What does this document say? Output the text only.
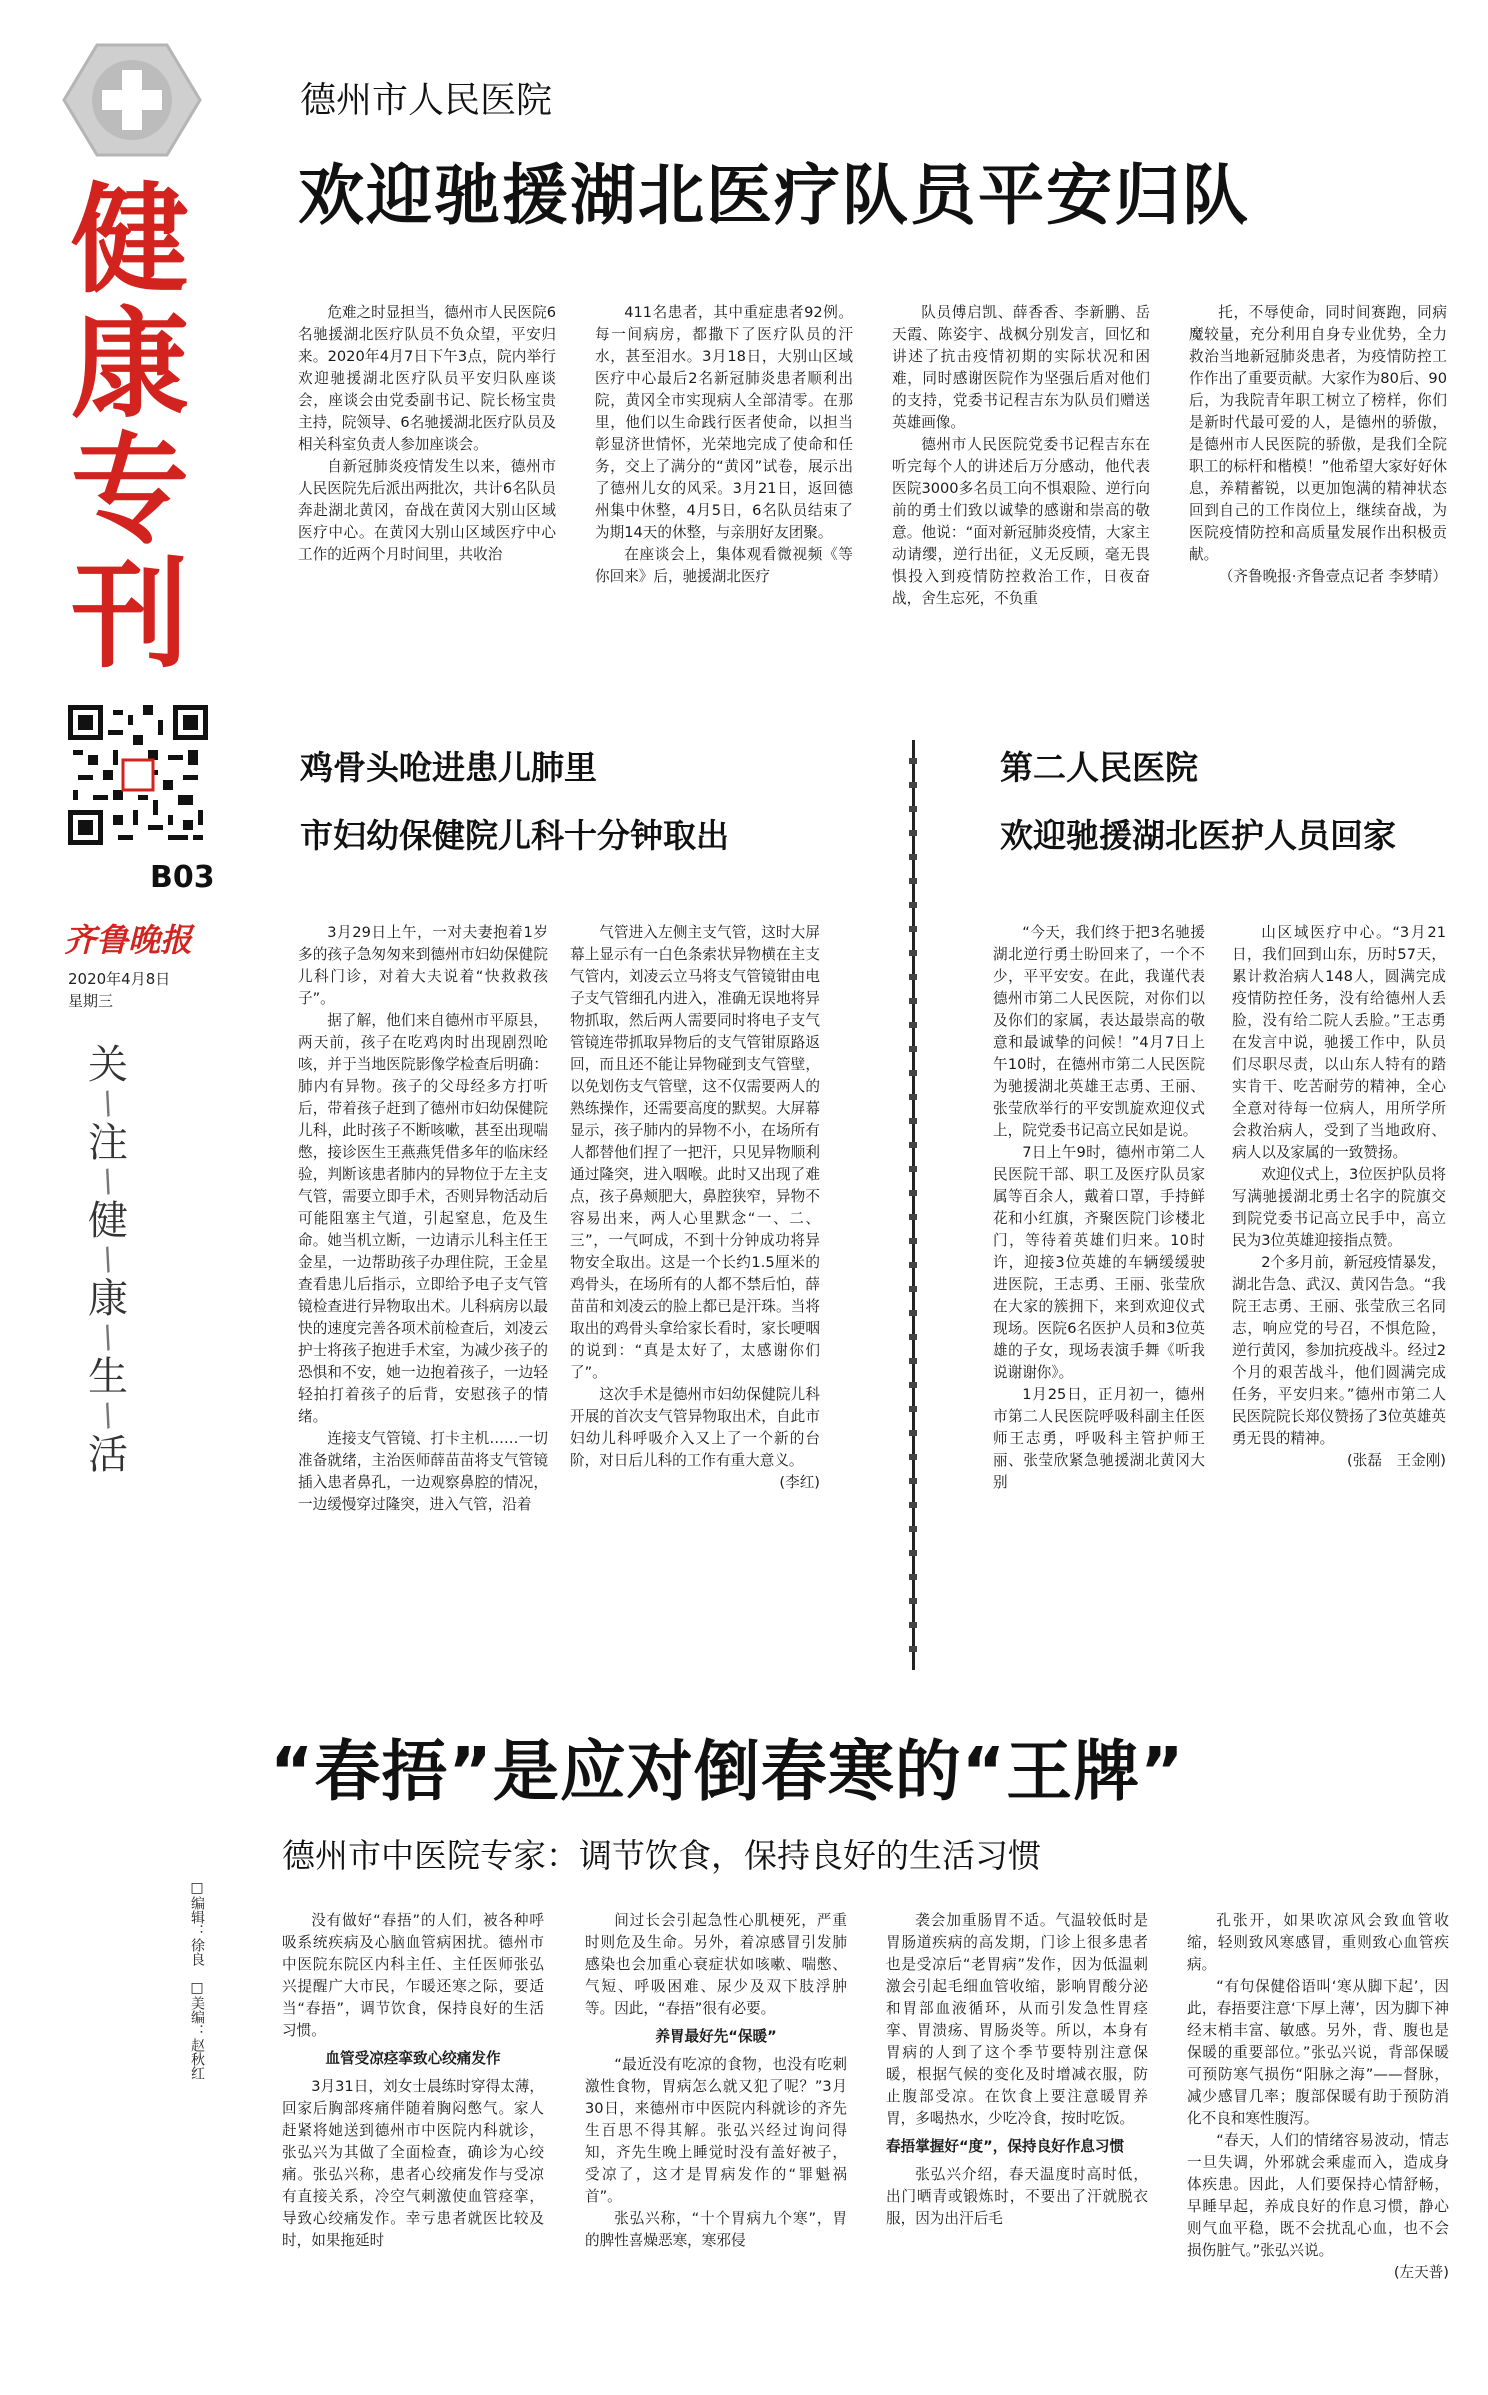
健
康
专
刊
B03
齐鲁晚报
2020年4月8日
星期三
关
/
注
/
健
/
康
/
生
/
活
□编辑：徐良　□美编：赵秋红
德州市人民医院
欢迎驰援湖北医疗队员平安归队

危难之时显担当，德州市人民医院6名驰援湖北医疗队员不负众望，平安归来。2020年4月7日下午3点，院内举行欢迎驰援湖北医疗队员平安归队座谈会，座谈会由党委副书记、院长杨宝贵主持，院领导、6名驰援湖北医疗队员及相关科室负责人参加座谈会。

自新冠肺炎疫情发生以来，德州市人民医院先后派出两批次，共计6名队员奔赴湖北黄冈，奋战在黄冈大别山区域医疗中心。在黄冈大别山区域医疗中心工作的近两个月时间里，共收治

411名患者，其中重症患者92例。每一间病房，都撒下了医疗队员的汗水，甚至泪水。3月18日，大别山区域医疗中心最后2名新冠肺炎患者顺利出院，黄冈全市实现病人全部清零。在那里，他们以生命践行医者使命，以担当彰显济世情怀，光荣地完成了使命和任务，交上了满分的“黄冈”试卷，展示出了德州儿女的风采。3月21日，返回德州集中休整，4月5日，6名队员结束了为期14天的休整，与亲朋好友团聚。

在座谈会上，集体观看微视频《等你回来》后，驰援湖北医疗

队员傅启凯、薛香香、李新鹏、岳天霞、陈姿宇、战枫分别发言，回忆和讲述了抗击疫情初期的实际状况和困难，同时感谢医院作为坚强后盾对他们的支持，党委书记程吉东为队员们赠送英雄画像。

德州市人民医院党委书记程吉东在听完每个人的讲述后万分感动，他代表医院3000多名员工向不惧艰险、逆行向前的勇士们致以诚挚的感谢和崇高的敬意。他说：“面对新冠肺炎疫情，大家主动请缨，逆行出征，义无反顾，毫无畏惧投入到疫情防控救治工作，日夜奋战，舍生忘死，不负重

托，不辱使命，同时间赛跑，同病魔较量，充分利用自身专业优势，全力救治当地新冠肺炎患者，为疫情防控工作作出了重要贡献。大家作为80后、90后，为我院青年职工树立了榜样，你们是新时代最可爱的人，是德州的骄傲，是德州市人民医院的骄傲，是我们全院职工的标杆和楷模！”他希望大家好好休息，养精蓄锐，以更加饱满的精神状态回到自己的工作岗位上，继续奋战，为医院疫情防控和高质量发展作出积极贡献。

（齐鲁晚报·齐鲁壹点记者 李梦晴）

鸡骨头呛进患儿肺里
市妇幼保健院儿科十分钟取出

3月29日上午，一对夫妻抱着1岁多的孩子急匆匆来到德州市妇幼保健院儿科门诊，对着大夫说着“快救救孩子”。

据了解，他们来自德州市平原县，两天前，孩子在吃鸡肉时出现剧烈呛咳，并于当地医院影像学检查后明确：肺内有异物。孩子的父母经多方打听后，带着孩子赶到了德州市妇幼保健院儿科，此时孩子不断咳嗽，甚至出现喘憋，接诊医生王燕燕凭借多年的临床经验，判断该患者肺内的异物位于左主支气管，需要立即手术，否则异物活动后可能阻塞主气道，引起窒息，危及生命。她当机立断，一边请示儿科主任王金星，一边帮助孩子办理住院，王金星查看患儿后指示，立即给予电子支气管镜检查进行异物取出术。儿科病房以最快的速度完善各项术前检查后，刘凌云护士将孩子抱进手术室，为减少孩子的恐惧和不安，她一边抱着孩子，一边轻轻拍打着孩子的后背，安慰孩子的情绪。

连接支气管镜、打卡主机……一切准备就绪，主治医师薛苗苗将支气管镜插入患者鼻孔，一边观察鼻腔的情况，一边缓慢穿过隆突，进入气管，沿着

气管进入左侧主支气管，这时大屏幕上显示有一白色条索状异物横在主支气管内，刘凌云立马将支气管镜钳由电子支气管细孔内进入，准确无误地将异物抓取，然后两人需要同时将电子支气管镜连带抓取异物后的支气管钳原路返回，而且还不能让异物碰到支气管壁，以免划伤支气管壁，这不仅需要两人的熟练操作，还需要高度的默契。大屏幕显示，孩子肺内的异物不小，在场所有人都替他们捏了一把汗，只见异物顺利通过隆突，进入咽喉。此时又出现了难点，孩子鼻颊肥大，鼻腔狭窄，异物不容易出来，两人心里默念“一、二、三”，一气呵成，不到十分钟成功将异物安全取出。这是一个长约1.5厘米的鸡骨头，在场所有的人都不禁后怕，薛苗苗和刘凌云的脸上都已是汗珠。当将取出的鸡骨头拿给家长看时，家长哽咽的说到：“真是太好了，太感谢你们了”。

这次手术是德州市妇幼保健院儿科开展的首次支气管异物取出术，自此市妇幼儿科呼吸介入又上了一个新的台阶，对日后儿科的工作有重大意义。

(李红)

第二人民医院
欢迎驰援湖北医护人员回家

“今天，我们终于把3名驰援湖北逆行勇士盼回来了，一个不少，平平安安。在此，我谨代表德州市第二人民医院，对你们以及你们的家属，表达最崇高的敬意和最诚挚的问候！”4月7日上午10时，在德州市第二人民医院为驰援湖北英雄王志勇、王丽、张莹欣举行的平安凯旋欢迎仪式上，院党委书记高立民如是说。

7日上午9时，德州市第二人民医院干部、职工及医疗队员家属等百余人，戴着口罩，手持鲜花和小红旗，齐聚医院门诊楼北门，等待着英雄们归来。10时许，迎接3位英雄的车辆缓缓驶进医院，王志勇、王丽、张莹欣在大家的簇拥下，来到欢迎仪式现场。医院6名医护人员和3位英雄的子女，现场表演手舞《听我说谢谢你》。

1月25日，正月初一，德州市第二人民医院呼吸科副主任医师王志勇，呼吸科主管护师王丽、张莹欣紧急驰援湖北黄冈大别

山区域医疗中心。“3月21日，我们回到山东，历时57天，累计救治病人148人，圆满完成疫情防控任务，没有给德州人丢脸，没有给二院人丢脸。”王志勇在发言中说，驰援工作中，队员们尽职尽责，以山东人特有的踏实肯干、吃苦耐劳的精神，全心全意对待每一位病人，用所学所会救治病人，受到了当地政府、病人以及家属的一致赞扬。

欢迎仪式上，3位医护队员将写满驰援湖北勇士名字的院旗交到院党委书记高立民手中，高立民为3位英雄迎接指点赞。

2个多月前，新冠疫情暴发，湖北告急、武汉、黄冈告急。“我院王志勇、王丽、张莹欣三名同志，响应党的号召，不惧危险，逆行黄冈，参加抗疫战斗。经过2个月的艰苦战斗，他们圆满完成任务，平安归来。”德州市第二人民医院院长郑仪赞扬了3位英雄英勇无畏的精神。

(张磊　王金刚)

“春捂”是应对倒春寒的“王牌”
德州市中医院专家：调节饮食，保持良好的生活习惯

没有做好“春捂”的人们，被各种呼吸系统疾病及心脑血管病困扰。德州市中医院东院区内科主任、主任医师张弘兴提醒广大市民，乍暖还寒之际，要适当“春捂”，调节饮食，保持良好的生活习惯。

血管受凉痉挛致心绞痛发作

3月31日，刘女士晨练时穿得太薄，回家后胸部疼痛伴随着胸闷憋气。家人赶紧将她送到德州市中医院内科就诊，张弘兴为其做了全面检查，确诊为心绞痛。张弘兴称，患者心绞痛发作与受凉有直接关系，冷空气刺激使血管痉挛，导致心绞痛发作。幸亏患者就医比较及时，如果拖延时

间过长会引起急性心肌梗死，严重时则危及生命。另外，着凉感冒引发肺感染也会加重心衰症状如咳嗽、喘憋、气短、呼吸困难、尿少及双下肢浮肿等。因此，“春捂”很有必要。

养胃最好先“保暖”

“最近没有吃凉的食物，也没有吃刺激性食物，胃病怎么就又犯了呢？”3月30日，来德州市中医院内科就诊的齐先生百思不得其解。张弘兴经过询问得知，齐先生晚上睡觉时没有盖好被子，受凉了，这才是胃病发作的“罪魁祸首”。

张弘兴称，“十个胃病九个寒”，胃的脾性喜燥恶寒，寒邪侵

袭会加重肠胃不适。气温较低时是胃肠道疾病的高发期，门诊上很多患者也是受凉后“老胃病”发作，因为低温刺激会引起毛细血管收缩，影响胃酸分泌和胃部血液循环，从而引发急性胃痉挛、胃溃疡、胃肠炎等。所以，本身有胃病的人到了这个季节要特别注意保暖，根据气候的变化及时增减衣服，防止腹部受凉。在饮食上要注意暖胃养胃，多喝热水，少吃冷食，按时吃饭。

春捂掌握好“度”，保持良好作息习惯

张弘兴介绍，春天温度时高时低，出门晒青或锻炼时，不要出了汗就脱衣服，因为出汗后毛

孔张开，如果吹凉风会致血管收缩，轻则致风寒感冒，重则致心血管疾病。

“有句保健俗语叫‘寒从脚下起’，因此，春捂要注意‘下厚上薄’，因为脚下神经末梢丰富、敏感。另外，背、腹也是保暖的重要部位。”张弘兴说，背部保暖可预防寒气损伤“阳脉之海”——督脉，减少感冒几率；腹部保暖有助于预防消化不良和寒性腹泻。

“春天，人们的情绪容易波动，情志一旦失调，外邪就会乘虚而入，造成身体疾患。因此，人们要保持心情舒畅，早睡早起，养成良好的作息习惯，静心则气血平稳，既不会扰乱心血，也不会损伤脏气。”张弘兴说。

(左天普)
